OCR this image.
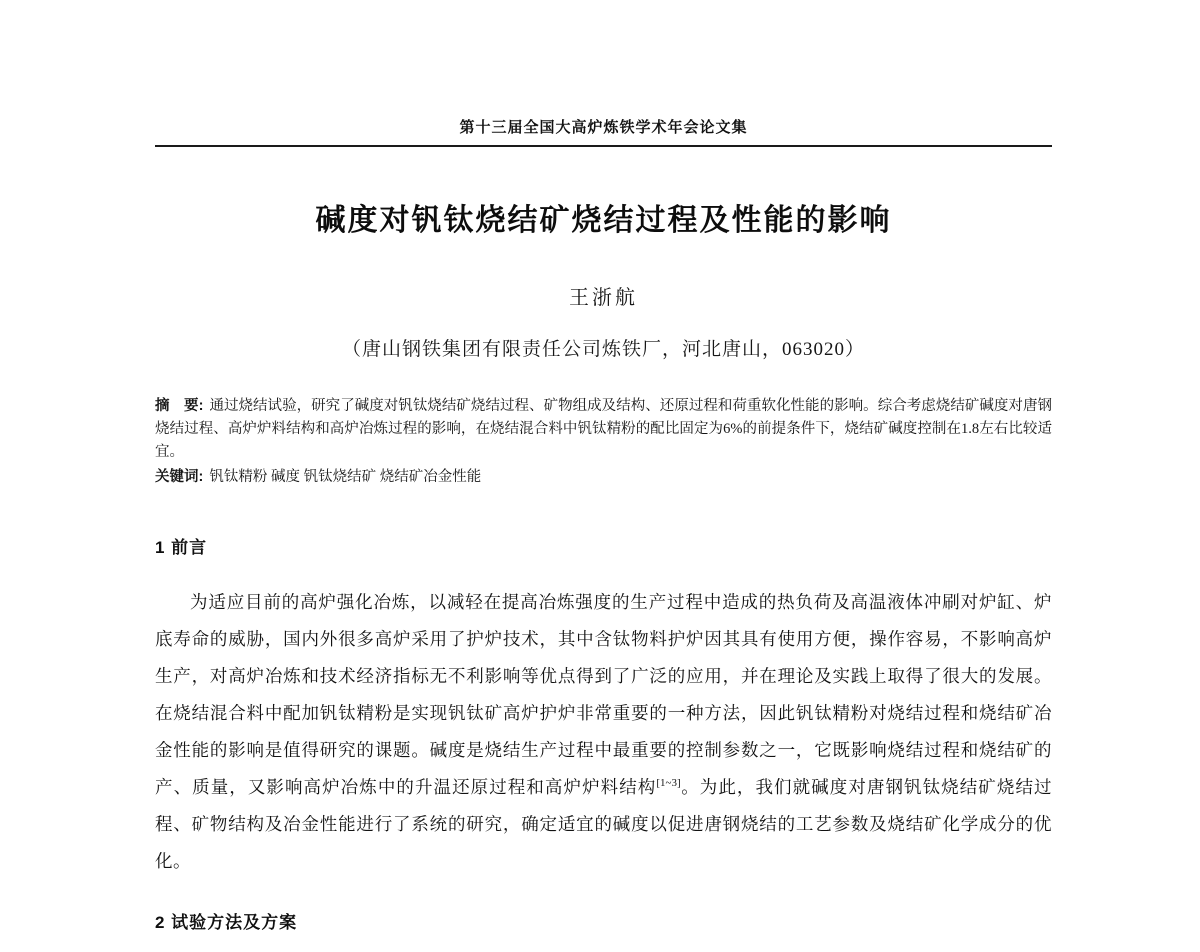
第十三届全国大高炉炼铁学术年会论文集
碱度对钒钛烧结矿烧结过程及性能的影响
王浙航
（唐山钢铁集团有限责任公司炼铁厂，河北唐山，063020）
摘　要: 通过烧结试验，研究了碱度对钒钛烧结矿烧结过程、矿物组成及结构、还原过程和荷重软化性能的影响。综合考虑烧结矿碱度对唐钢烧结过程、高炉炉料结构和高炉冶炼过程的影响，在烧结混合料中钒钛精粉的配比固定为6%的前提条件下，烧结矿碱度控制在1.8左右比较适宜。
关键词: 钒钛精粉 碱度 钒钛烧结矿 烧结矿冶金性能
1 前言

为适应目前的高炉强化冶炼，以减轻在提高冶炼强度的生产过程中造成的热负荷及高温液体冲刷对炉缸、炉底寿命的威胁，国内外很多高炉采用了护炉技术，其中含钛物料护炉因其具有使用方便，操作容易，不影响高炉生产，对高炉冶炼和技术经济指标无不利影响等优点得到了广泛的应用，并在理论及实践上取得了很大的发展。在烧结混合料中配加钒钛精粉是实现钒钛矿高炉护炉非常重要的一种方法，因此钒钛精粉对烧结过程和烧结矿冶金性能的影响是值得研究的课题。碱度是烧结生产过程中最重要的控制参数之一，它既影响烧结过程和烧结矿的产、质量，又影响高炉冶炼中的升温还原过程和高炉炉料结构[1~3]。为此，我们就碱度对唐钢钒钛烧结矿烧结过程、矿物结构及冶金性能进行了系统的研究，确定适宜的碱度以促进唐钢烧结的工艺参数及烧结矿化学成分的优化。

2 试验方法及方案
